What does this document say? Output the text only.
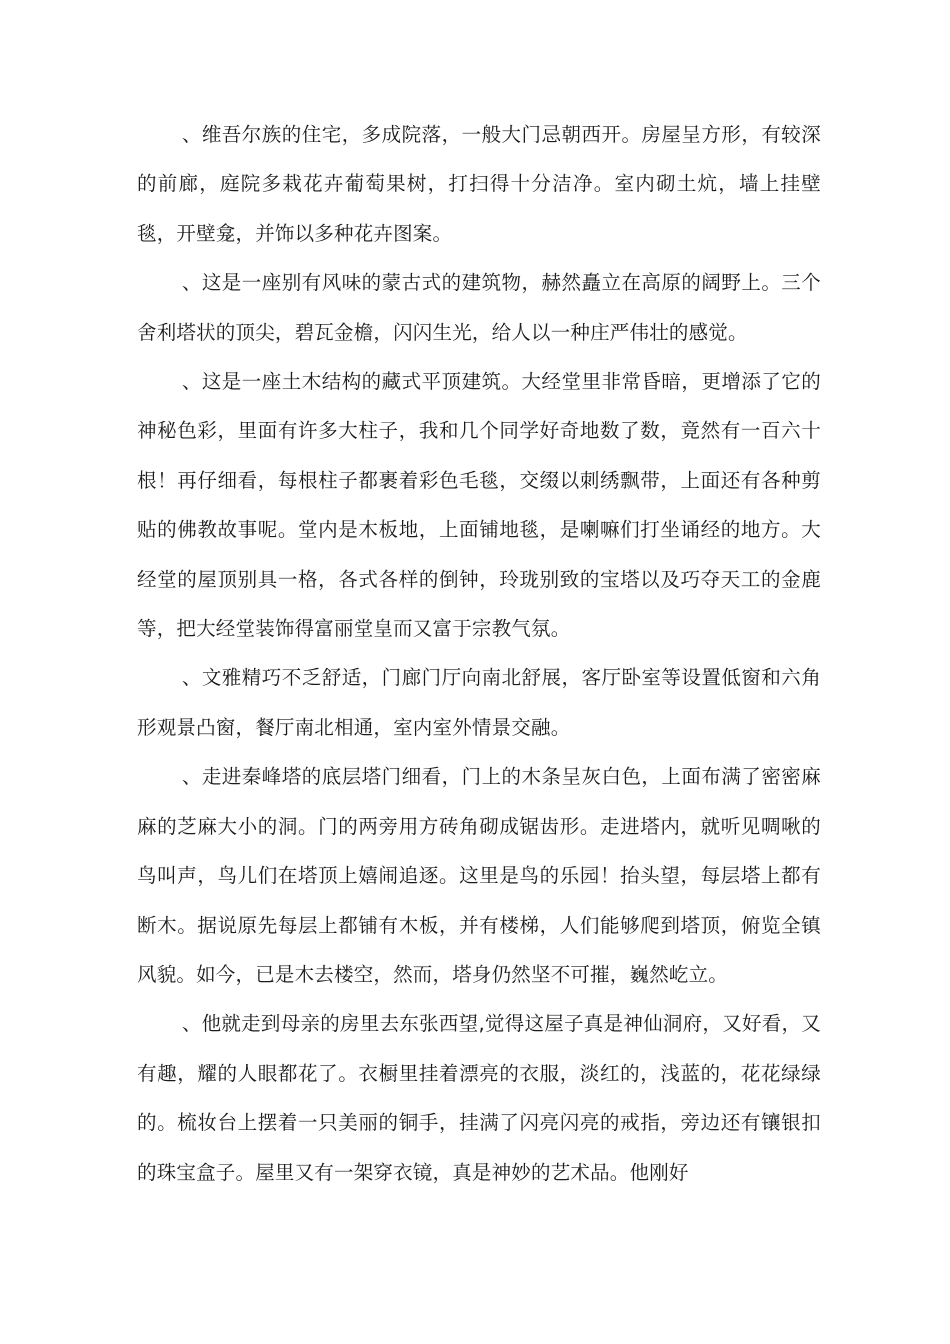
、维吾尔族的住宅，多成院落，一般大门忌朝西开。房屋呈方形，有较深的前廊，庭院多栽花卉葡萄果树，打扫得十分洁净。室内砌土炕，墙上挂壁毯，开壁龛，并饰以多种花卉图案。

、这是一座别有风味的蒙古式的建筑物，赫然矗立在高原的阔野上。三个舍利塔状的顶尖，碧瓦金檐，闪闪生光，给人以一种庄严伟壮的感觉。

、这是一座土木结构的藏式平顶建筑。大经堂里非常昏暗，更增添了它的神秘色彩，里面有许多大柱子，我和几个同学好奇地数了数，竟然有一百六十根！再仔细看，每根柱子都裹着彩色毛毯，交缀以刺绣飘带，上面还有各种剪贴的佛教故事呢。堂内是木板地，上面铺地毯，是喇嘛们打坐诵经的地方。大经堂的屋顶别具一格，各式各样的倒钟，玲珑别致的宝塔以及巧夺天工的金鹿等，把大经堂装饰得富丽堂皇而又富于宗教气氛。

、文雅精巧不乏舒适，门廊门厅向南北舒展，客厅卧室等设置低窗和六角形观景凸窗，餐厅南北相通，室内室外情景交融。

、走进秦峰塔的底层塔门细看，门上的木条呈灰白色，上面布满了密密麻麻的芝麻大小的洞。门的两旁用方砖角砌成锯齿形。走进塔内，就听见啁啾的鸟叫声，鸟儿们在塔顶上嬉闹追逐。这里是鸟的乐园！抬头望，每层塔上都有断木。据说原先每层上都铺有木板，并有楼梯，人们能够爬到塔顶，俯览全镇风貌。如今，已是木去楼空，然而，塔身仍然坚不可摧，巍然屹立。

、他就走到母亲的房里去东张西望,觉得这屋子真是神仙洞府，又好看，又有趣，耀的人眼都花了。衣橱里挂着漂亮的衣服，淡红的，浅蓝的，花花绿绿的。梳妆台上摆着一只美丽的铜手，挂满了闪亮闪亮的戒指，旁边还有镶银扣的珠宝盒子。屋里又有一架穿衣镜，真是神妙的艺术品。他刚好
